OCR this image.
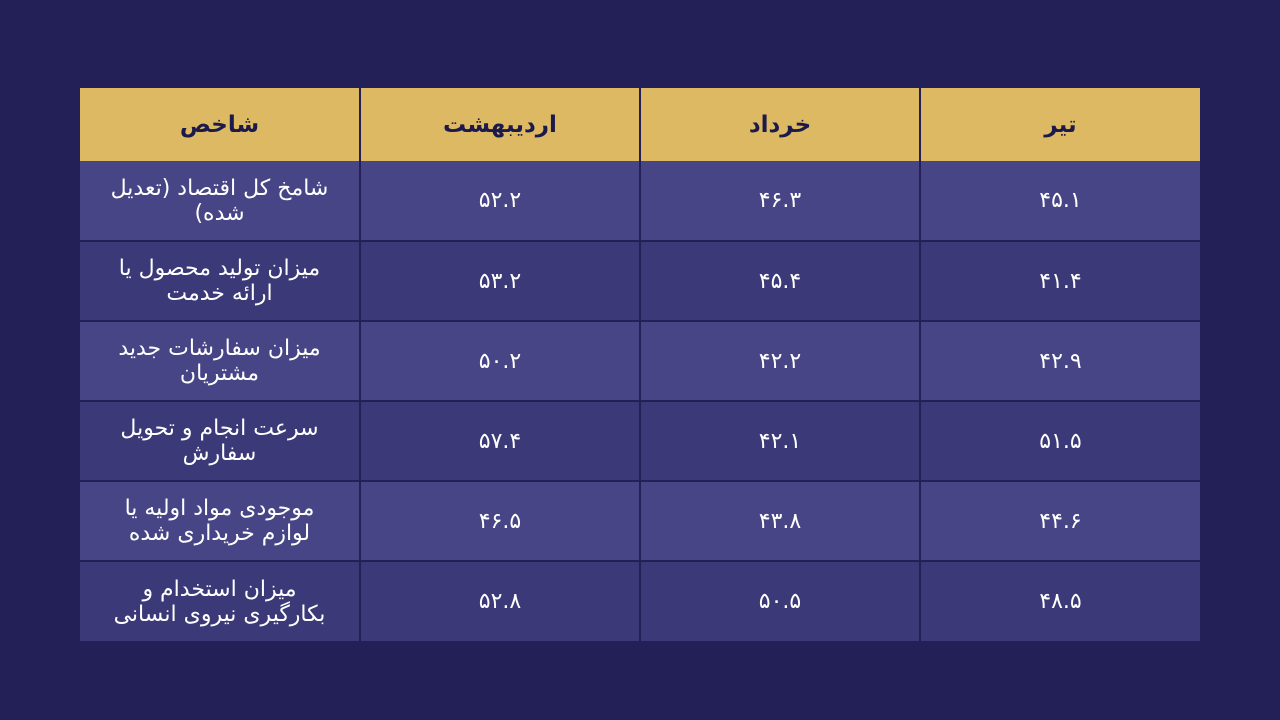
تیر	خرداد	اردیبهشت	شاخص
۴۵.۱	۴۶.۳	۵۲.۲	شامخ کل اقتصاد (تعدیل شده)
۴۱.۴	۴۵.۴	۵۳.۲	میزان تولید محصول یا ارائه خدمت
۴۲.۹	۴۲.۲	۵۰.۲	میزان سفارشات جدید مشتریان
۵۱.۵	۴۲.۱	۵۷.۴	سرعت انجام و تحویل سفارش
۴۴.۶	۴۳.۸	۴۶.۵	موجودی مواد اولیه یا لوازم خریداری شده
۴۸.۵	۵۰.۵	۵۲.۸	میزان استخدام و بکارگیری نیروی انسانی
